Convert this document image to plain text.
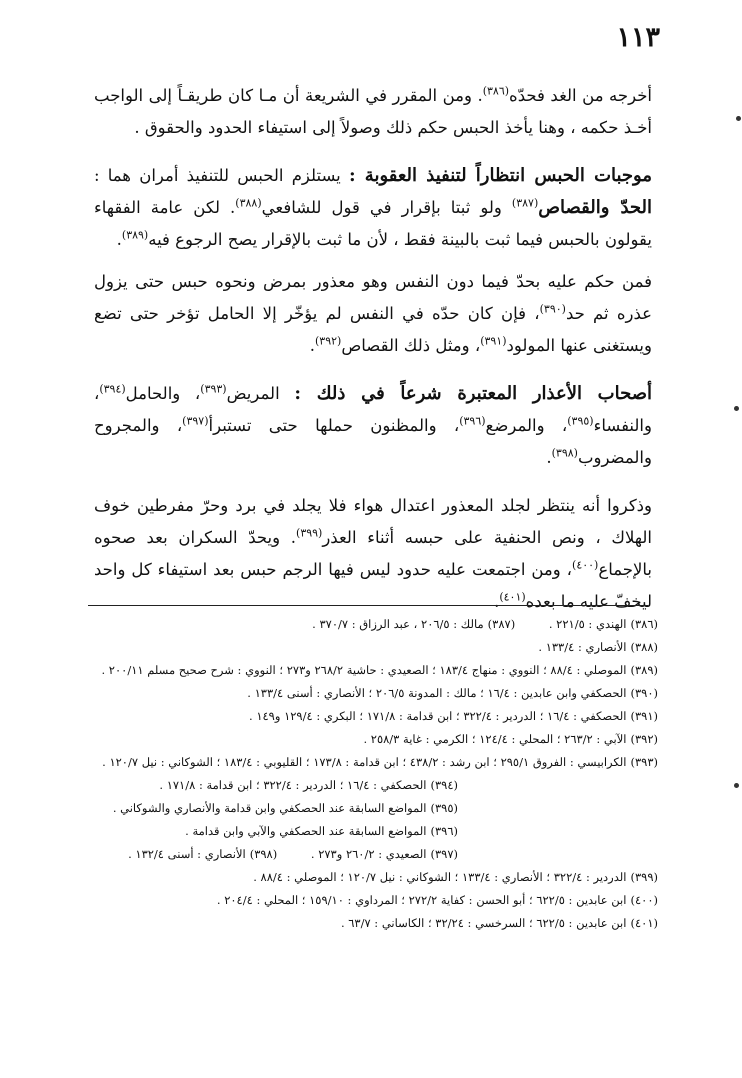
١١٣

أخرجه من الغد فحدّه$^{(٣٨٦)}$. ومن المقرر في الشريعة أن مـا كان طريقـاً إلى الواجب أخـذ حكمه ، وهنا يأخذ الحبس حكم ذلك وصولاً إلى استيفاء الحدود والحقوق .

موجبات الحبس انتظاراً لتنفيذ العقوبة : يستلزم الحبس للتنفيذ أمران هما : الحدّ والقصاص$^{(٣٨٧)}$ ولو ثبتا بإقرار في قول للشافعي$^{(٣٨٨)}$. لكن عامة الفقهاء يقولون بالحبس فيما ثبت بالبينة فقط ، لأن ما ثبت بالإقرار يصح الرجوع فيه$^{(٣٨٩)}$.

فمن حكم عليه بحدّ فيما دون النفس وهو معذور بمرض ونحوه حبس حتى يزول عذره ثم حد$^{(٣٩٠)}$، فإن كان حدّه في النفس لم يؤخّر إلا الحامل تؤخر حتى تضع ويستغنى عنها المولود$^{(٣٩١)}$، ومثل ذلك القصاص$^{(٣٩٢)}$.

أصحاب الأعذار المعتبرة شرعاً في ذلك : المريض$^{(٣٩٣)}$، والحامل$^{(٣٩٤)}$، والنفساء$^{(٣٩٥)}$، والمرضع$^{(٣٩٦)}$، والمظنون حملها حتى تستبرأ$^{(٣٩٧)}$، والمجروح والمضروب$^{(٣٩٨)}$.

وذكروا أنه ينتظر لجلد المعذور اعتدال هواء فلا يجلد في برد وحرّ مفرطين خوف الهلاك ، ونص الحنفية على حبسه أثناء العذر$^{(٣٩٩)}$. ويحدّ السكران بعد صحوه بالإجماع$^{(٤٠٠)}$، ومن اجتمعت عليه حدود ليس فيها الرجم حبس بعد استيفاء كل واحد ليخفّ عليه ما بعده$^{(٤٠١)}$.

(٣٨٦)الهندي : ٢٢١/٥ . (٣٨٧)مالك : ٢٠٦/٥ ، عبد الرزاق : ٣٧٠/٧ .
(٣٨٨)الأنصاري : ١٣٣/٤ .
(٣٨٩)الموصلي : ٨٨/٤ ؛ النووي : منهاج ١٨٣/٤ ؛ الصعيدي : حاشية ٢٦٨/٢ و٢٧٣ ؛ النووي : شرح صحيح مسلم ٢٠٠/١١ .
(٣٩٠)الحصكفي وابن عابدين : ١٦/٤ ؛ مالك : المدونة ٢٠٦/٥ ؛ الأنصاري : أسنى ١٣٣/٤ .
(٣٩١)الحصكفي : ١٦/٤ ؛ الدردير : ٣٢٢/٤ ؛ ابن قدامة : ١٧١/٨ ؛ البكري : ١٢٩/٤ و١٤٩ .
(٣٩٢)الآبي : ٢٦٣/٢ ؛ المحلي : ١٢٤/٤ ؛ الكرمي : غاية ٢٥٨/٣ .
(٣٩٣)الكرابيسي : الفروق ٢٩٥/١ ؛ ابن رشد : ٤٣٨/٢ ؛ ابن قدامة : ١٧٣/٨ ؛ القليوبي : ١٨٣/٤ ؛ الشوكاني : نيل ١٢٠/٧ .
(٣٩٤)الحصكفي : ١٦/٤ ؛ الدردير : ٣٢٢/٤ ؛ ابن قدامة : ١٧١/٨ .
(٣٩٥)المواضع السابقة عند الحصكفي وابن قدامة والأنصاري والشوكاني .
(٣٩٦)المواضع السابقة عند الحصكفي والآبي وابن قدامة .
(٣٩٧)الصعيدي : ٢٦٠/٢ و٢٧٣ . (٣٩٨)الأنصاري : أسنى ١٣٢/٤ .
(٣٩٩)الدردير : ٣٢٢/٤ ؛ الأنصاري : ١٣٣/٤ ؛ الشوكاني : نيل ١٢٠/٧ ؛ الموصلي : ٨٨/٤ .
(٤٠٠)ابن عابدين : ٦٢٢/٥ ؛ أبو الحسن : كفاية ٢٧٢/٢ ؛ المرداوي : ١٥٩/١٠ ؛ المحلي : ٢٠٤/٤ .
(٤٠١)ابن عابدين : ٦٢٢/٥ ؛ السرخسي : ٣٢/٢٤ ؛ الكاساني : ٦٣/٧ .
